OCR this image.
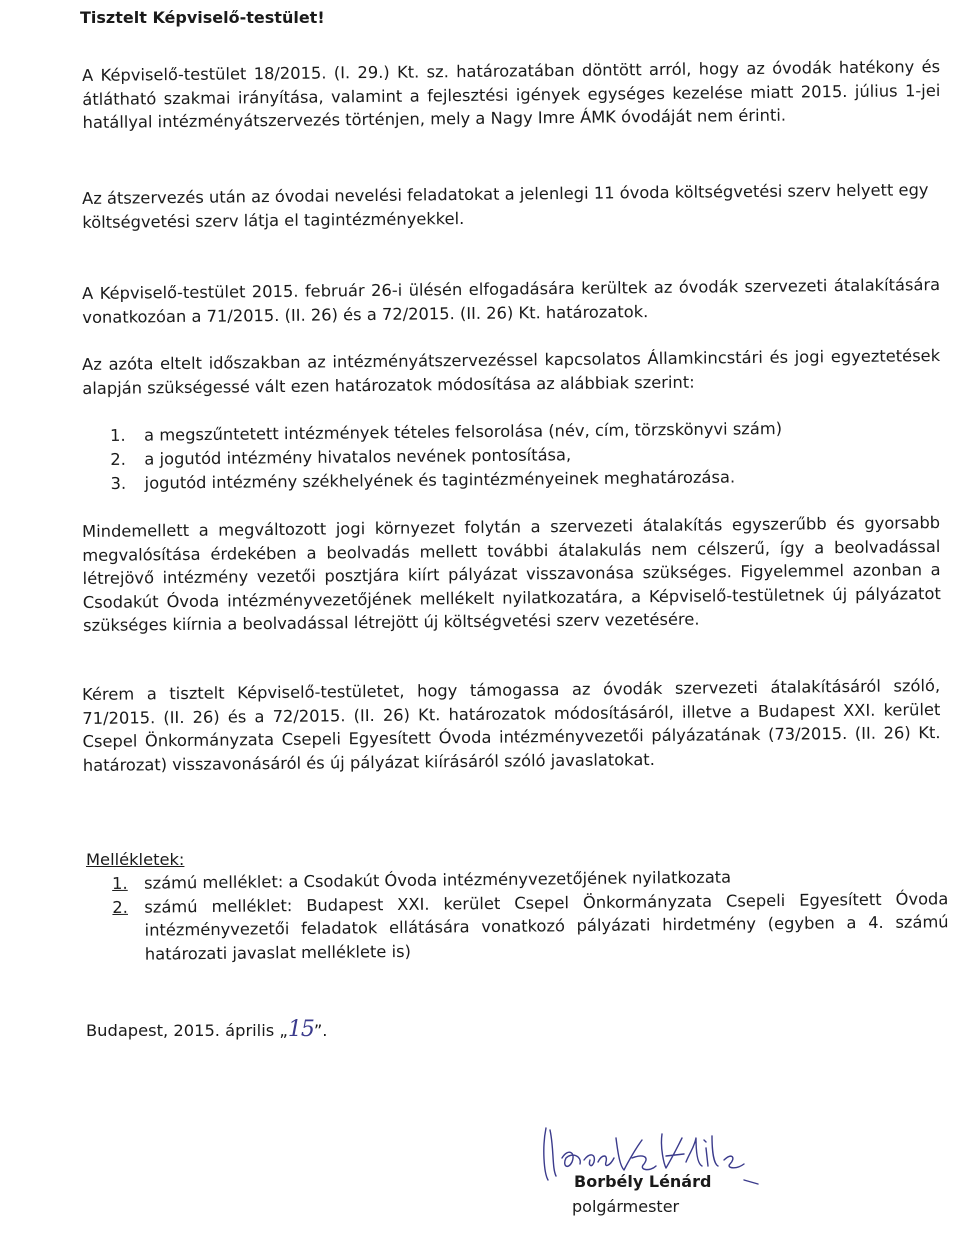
Tisztelt Képviselő-testület!
A Képviselő-testület 18/2015. (I. 29.) Kt. sz. határozatában döntött arról, hogy az óvodák hatékony és átlátható szakmai irányítása, valamint a fejlesztési igények egységes kezelése miatt 2015. július 1-jei hatállyal intézményátszervezés történjen, mely a Nagy Imre ÁMK óvodáját nem érinti.
Az átszervezés után az óvodai nevelési feladatokat a jelenlegi 11 óvoda költségvetési szerv helyett egy költségvetési szerv látja el tagintézményekkel.
A Képviselő-testület 2015. február 26-i ülésén elfogadására kerültek az óvodák szervezeti átalakítására vonatkozóan a 71/2015. (II. 26) és a 72/2015. (II. 26) Kt. határozatok.
Az azóta eltelt időszakban az intézményátszervezéssel kapcsolatos Államkincstári és jogi egyeztetések alapján szükségessé vált ezen határozatok módosítása az alábbiak szerint:
1.	a megszűntetett intézmények tételes felsorolása (név, cím, törzskönyvi szám)
2.	a jogutód intézmény hivatalos nevének pontosítása,
3.	jogutód intézmény székhelyének és tagintézményeinek meghatározása.
Mindemellett a megváltozott jogi környezet folytán a szervezeti átalakítás egyszerűbb és gyorsabb megvalósítása érdekében a beolvadás mellett további átalakulás nem célszerű, így a beolvadással létrejövő intézmény vezetői posztjára kiírt pályázat visszavonása szükséges. Figyelemmel azonban a Csodakút Óvoda intézményvezetőjének mellékelt nyilatkozatára, a Képviselő-testületnek új pályázatot szükséges kiírnia a beolvadással létrejött új költségvetési szerv vezetésére.
Kérem a tisztelt Képviselő-testületet, hogy támogassa az óvodák szervezeti átalakításáról szóló, 71/2015. (II. 26) és a 72/2015. (II. 26) Kt. határozatok módosításáról, illetve a Budapest XXI. kerület Csepel Önkormányzata Csepeli Egyesített Óvoda intézményvezetői pályázatának (73/2015. (II. 26) Kt. határozat) visszavonásáról és új pályázat kiírásáról szóló javaslatokat.
Mellékletek:
1. számú melléklet: a Csodakút Óvoda intézményvezetőjének nyilatkozata
2. számú melléklet: Budapest XXI. kerület Csepel Önkormányzata Csepeli Egyesített Óvoda intézményvezetői feladatok ellátására vonatkozó pályázati hirdetmény (egyben a 4. számú határozati javaslat melléklete is)
Budapest, 2015. április „15”.
Borbély Lénárd
polgármester
